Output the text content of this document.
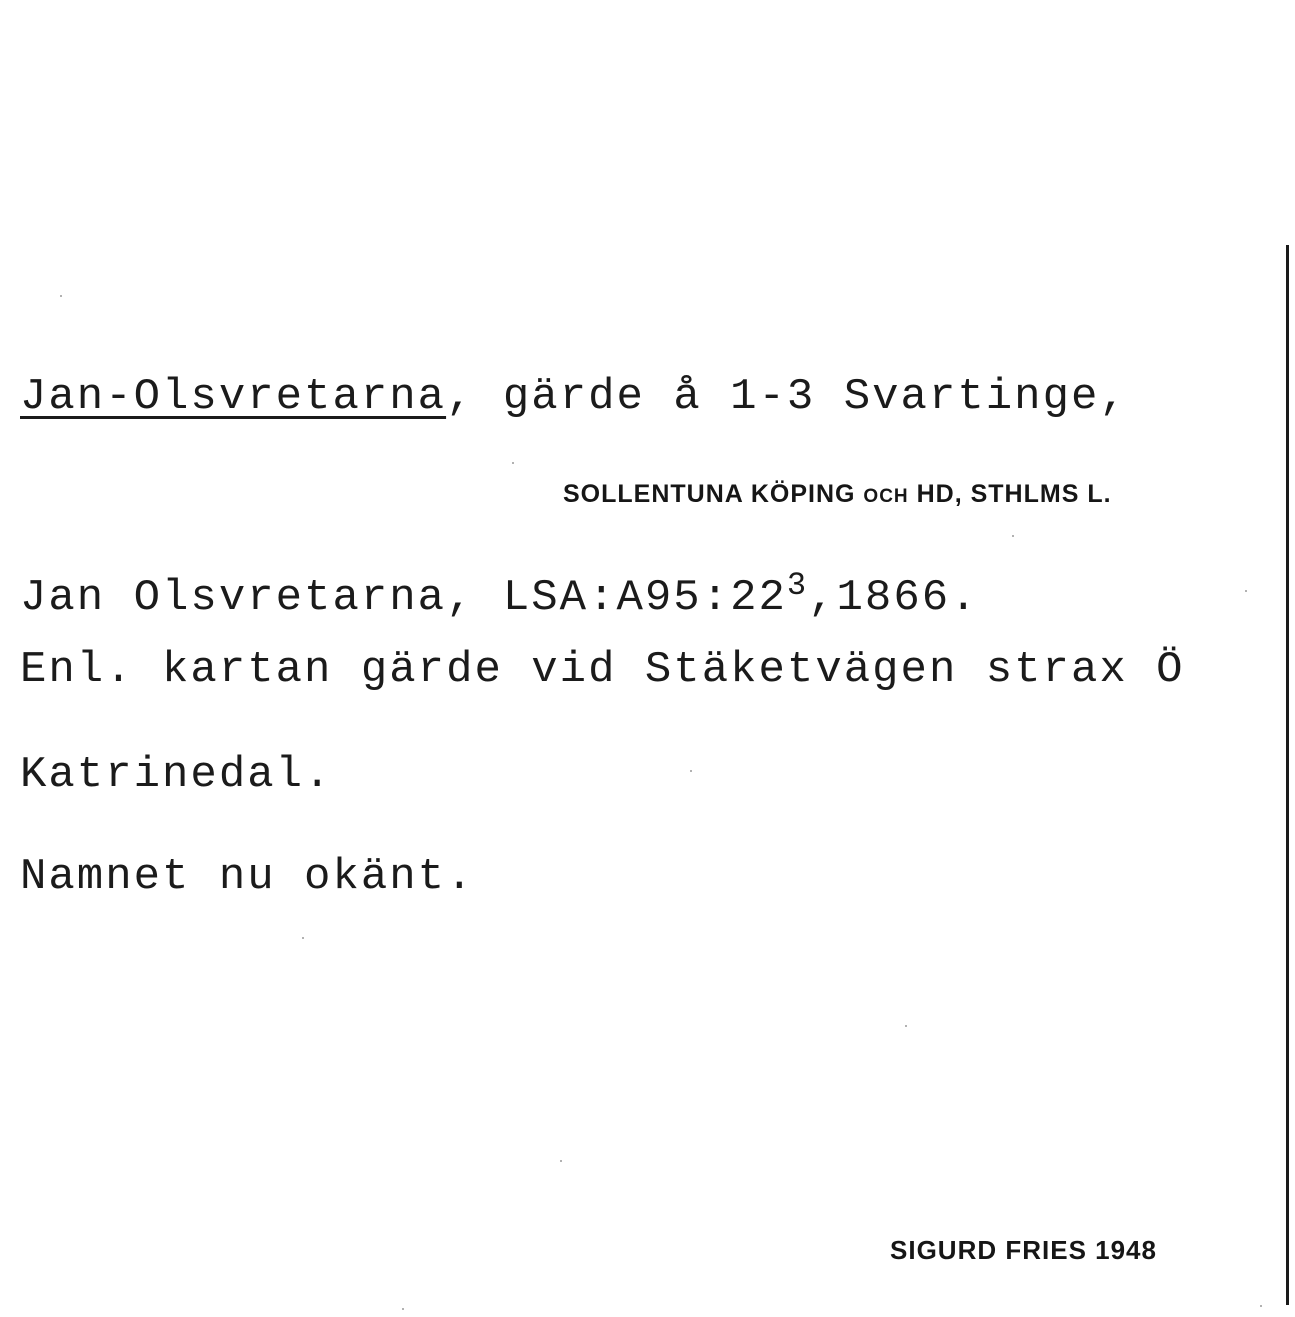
Jan-Olsvretarna, gärde å 1-3 Svartinge,
SOLLENTUNA KÖPING OCH HD, STHLMS L.
Jan Olsvretarna, $LSA:A95:22^3,1866$.
Enl. kartan gärde vid Stäketvägen strax Ö
Katrinedal.
Namnet nu okänt.
SIGURD FRIES 1948
